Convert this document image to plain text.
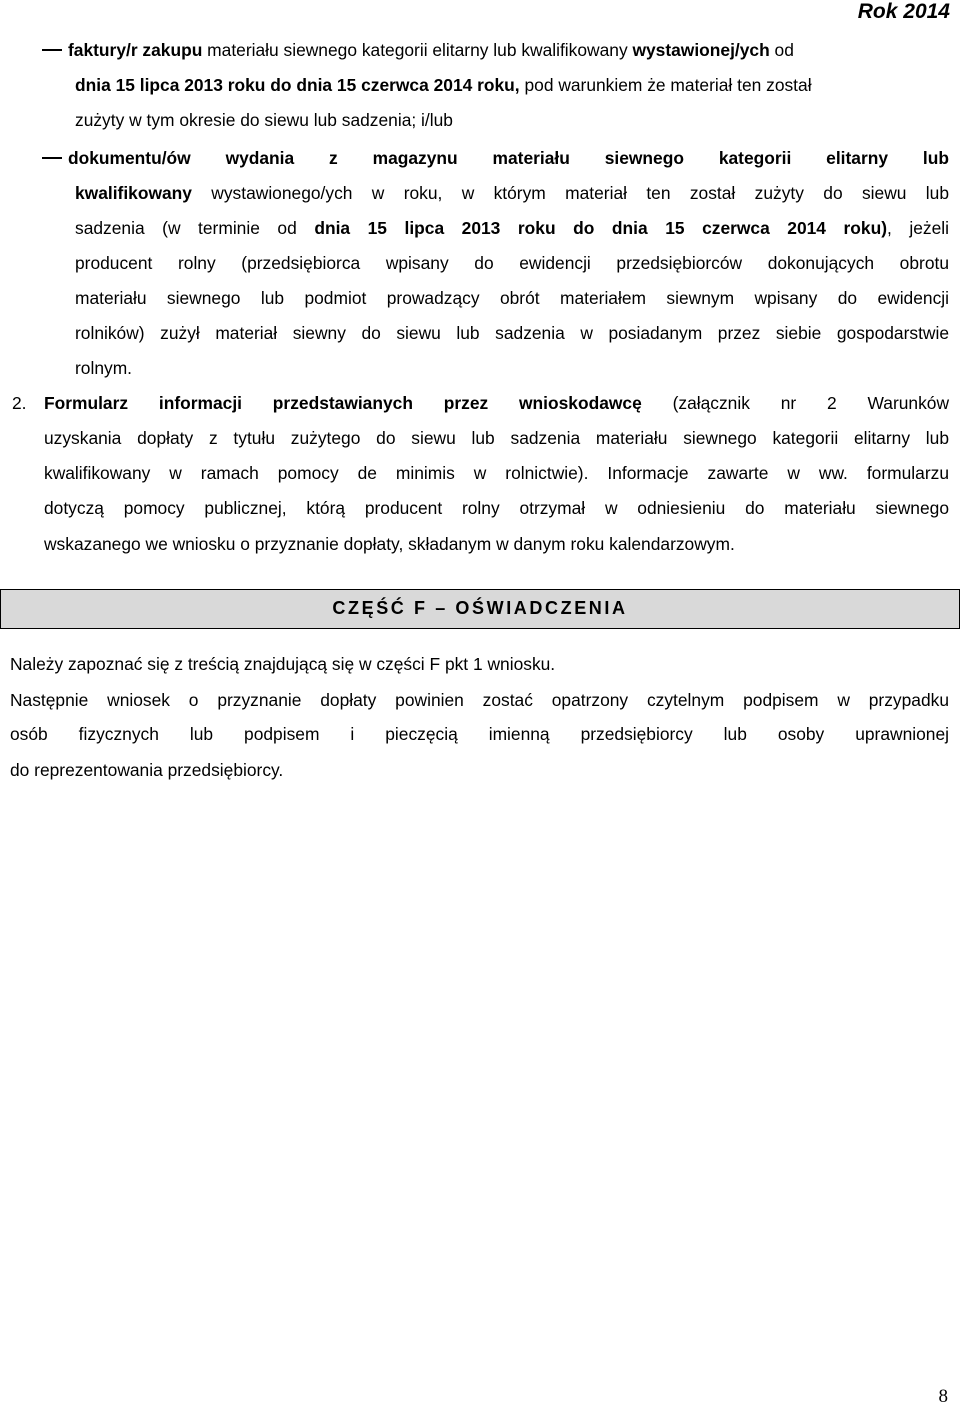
Rok 2014
faktury/r zakupu materiału siewnego kategorii elitarny lub kwalifikowany wystawionej/ych od
dnia 15 lipca 2013 roku do dnia 15 czerwca 2014 roku, pod warunkiem że materiał ten został
zużyty w tym okresie do siewu lub sadzenia; i/lub
dokumentu/ów wydania z magazynu materiału siewnego kategorii elitarny lub
kwalifikowany wystawionego/ych w roku, w którym materiał ten został zużyty do siewu lub
sadzenia (w terminie od dnia 15 lipca 2013 roku do dnia 15 czerwca 2014 roku), jeżeli
producent rolny (przedsiębiorca wpisany do ewidencji przedsiębiorców dokonujących obrotu
materiału siewnego lub podmiot prowadzący obrót materiałem siewnym wpisany do ewidencji
rolników) zużył materiał siewny do siewu lub sadzenia w posiadanym przez siebie gospodarstwie
rolnym.
2. Formularz informacji przedstawianych przez wnioskodawcę (załącznik nr 2 Warunków
uzyskania dopłaty z tytułu zużytego do siewu lub sadzenia materiału siewnego kategorii elitarny lub
kwalifikowany w ramach pomocy de minimis w rolnictwie). Informacje zawarte w ww. formularzu
dotyczą pomocy publicznej, którą producent rolny otrzymał w odniesieniu do materiału siewnego
wskazanego we wniosku o przyznanie dopłaty, składanym w danym roku kalendarzowym.
CZĘŚĆ F – OŚWIADCZENIA
Należy zapoznać się z treścią znajdującą się w części F pkt 1 wniosku.
Następnie wniosek o przyznanie dopłaty powinien zostać opatrzony czytelnym podpisem w przypadku
osób fizycznych lub podpisem i pieczęcią imienną przedsiębiorcy lub osoby uprawnionej
do reprezentowania przedsiębiorcy.
8
